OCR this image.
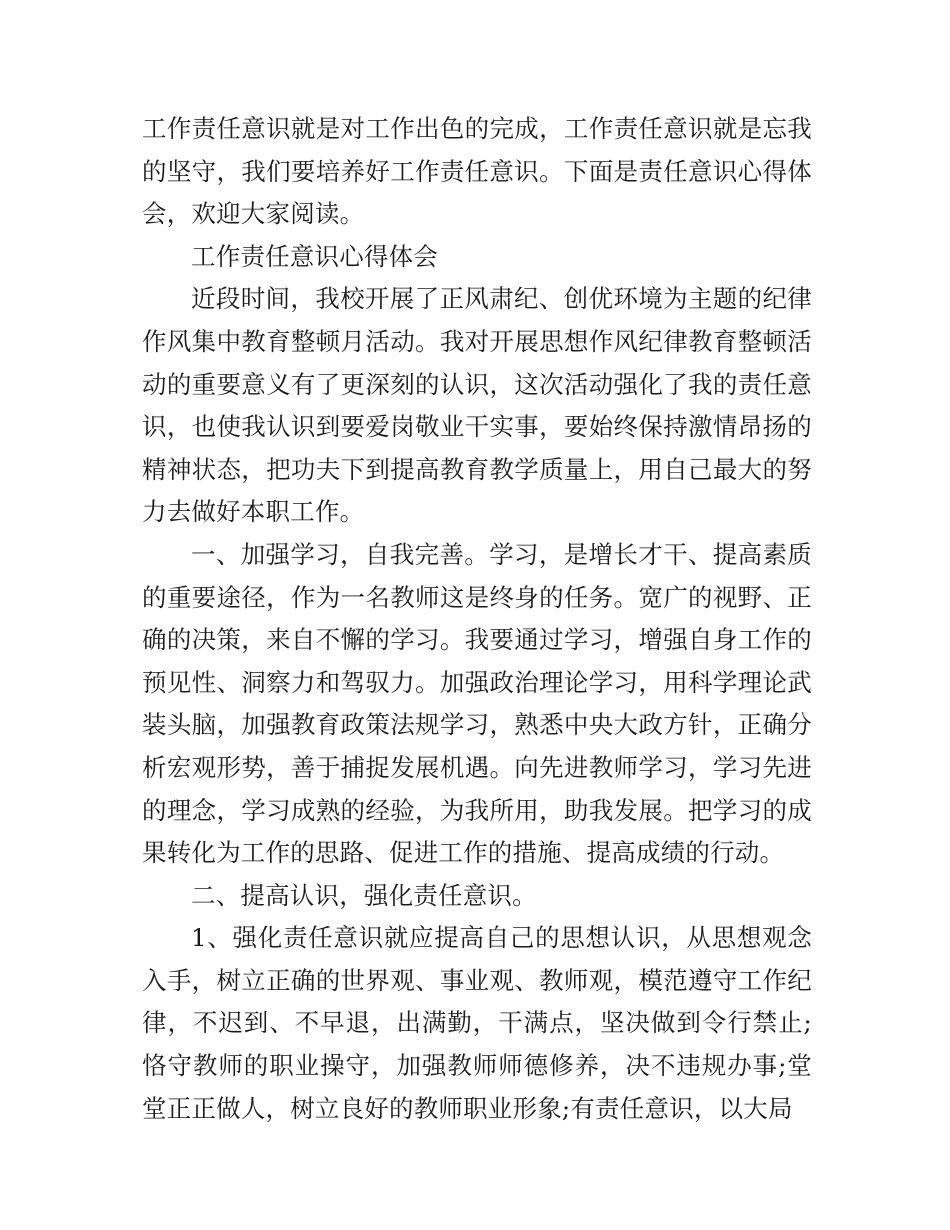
工作责任意识就是对工作出色的完成，工作责任意识就是忘我的坚守，我们要培养好工作责任意识。下面是责任意识心得体会，欢迎大家阅读。

工作责任意识心得体会

近段时间，我校开展了正风肃纪、创优环境为主题的纪律作风集中教育整顿月活动。我对开展思想作风纪律教育整顿活动的重要意义有了更深刻的认识，这次活动强化了我的责任意识，也使我认识到要爱岗敬业干实事，要始终保持激情昂扬的精神状态，把功夫下到提高教育教学质量上，用自己最大的努力去做好本职工作。

一、加强学习，自我完善。学习，是增长才干、提高素质的重要途径，作为一名教师这是终身的任务。宽广的视野、正确的决策，来自不懈的学习。我要通过学习，增强自身工作的预见性、洞察力和驾驭力。加强政治理论学习，用科学理论武装头脑，加强教育政策法规学习，熟悉中央大政方针，正确分析宏观形势，善于捕捉发展机遇。向先进教师学习，学习先进的理念，学习成熟的经验，为我所用，助我发展。把学习的成果转化为工作的思路、促进工作的措施、提高成绩的行动。

二、提高认识，强化责任意识。

1、强化责任意识就应提高自己的思想认识，从思想观念入手，树立正确的世界观、事业观、教师观，模范遵守工作纪律，不迟到、不早退，出满勤，干满点，坚决做到令行禁止;恪守教师的职业操守，加强教师师德修养，决不违规办事;堂堂正正做人，树立良好的教师职业形象;有责任意识，以大局
